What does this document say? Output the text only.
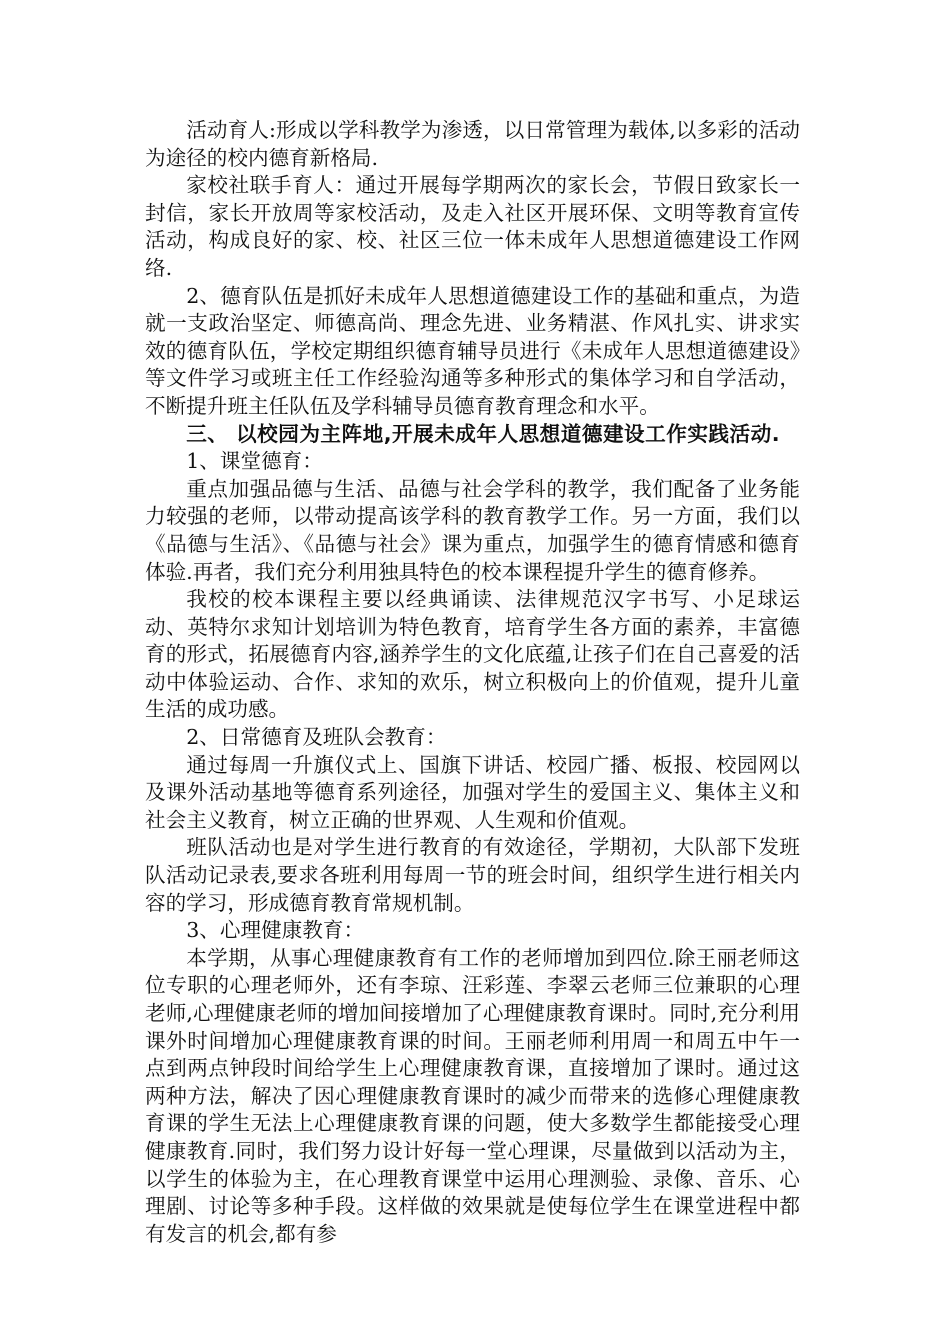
活动育人:形成以学科教学为渗透，以日常管理为载体,以多彩的活动为途径的校内德育新格局.

家校社联手育人：通过开展每学期两次的家长会，节假日致家长一封信，家长开放周等家校活动，及走入社区开展环保、文明等教育宣传活动，构成良好的家、校、社区三位一体未成年人思想道德建设工作网络.

2、德育队伍是抓好未成年人思想道德建设工作的基础和重点，为造就一支政治坚定、师德高尚、理念先进、业务精湛、作风扎实、讲求实效的德育队伍，学校定期组织德育辅导员进行《未成年人思想道德建设》等文件学习或班主任工作经验沟通等多种形式的集体学习和自学活动，不断提升班主任队伍及学科辅导员德育教育理念和水平。

三、 以校园为主阵地,开展未成年人思想道德建设工作实践活动.

1、课堂德育：

重点加强品德与生活、品德与社会学科的教学，我们配备了业务能力较强的老师，以带动提高该学科的教育教学工作。另一方面，我们以《品德与生活》、《品德与社会》课为重点，加强学生的德育情感和德育体验.再者，我们充分利用独具特色的校本课程提升学生的德育修养。

我校的校本课程主要以经典诵读、法律规范汉字书写、小足球运动、英特尔求知计划培训为特色教育，培育学生各方面的素养，丰富德育的形式，拓展德育内容,涵养学生的文化底蕴,让孩子们在自己喜爱的活动中体验运动、合作、求知的欢乐，树立积极向上的价值观，提升儿童生活的成功感。

2、日常德育及班队会教育：

通过每周一升旗仪式上、国旗下讲话、校园广播、板报、校园网以及课外活动基地等德育系列途径，加强对学生的爱国主义、集体主义和社会主义教育，树立正确的世界观、人生观和价值观。

班队活动也是对学生进行教育的有效途径，学期初，大队部下发班队活动记录表,要求各班利用每周一节的班会时间，组织学生进行相关内容的学习，形成德育教育常规机制。

3、心理健康教育：

本学期，从事心理健康教育有工作的老师增加到四位.除王丽老师这位专职的心理老师外，还有李琼、汪彩莲、李翠云老师三位兼职的心理老师,心理健康老师的增加间接增加了心理健康教育课时。同时,充分利用课外时间增加心理健康教育课的时间。王丽老师利用周一和周五中午一点到两点钟段时间给学生上心理健康教育课，直接增加了课时。通过这两种方法，解决了因心理健康教育课时的减少而带来的选修心理健康教育课的学生无法上心理健康教育课的问题，使大多数学生都能接受心理健康教育.同时，我们努力设计好每一堂心理课，尽量做到以活动为主，以学生的体验为主，在心理教育课堂中运用心理测验、录像、音乐、心理剧、讨论等多种手段。这样做的效果就是使每位学生在课堂进程中都有发言的机会,都有参
